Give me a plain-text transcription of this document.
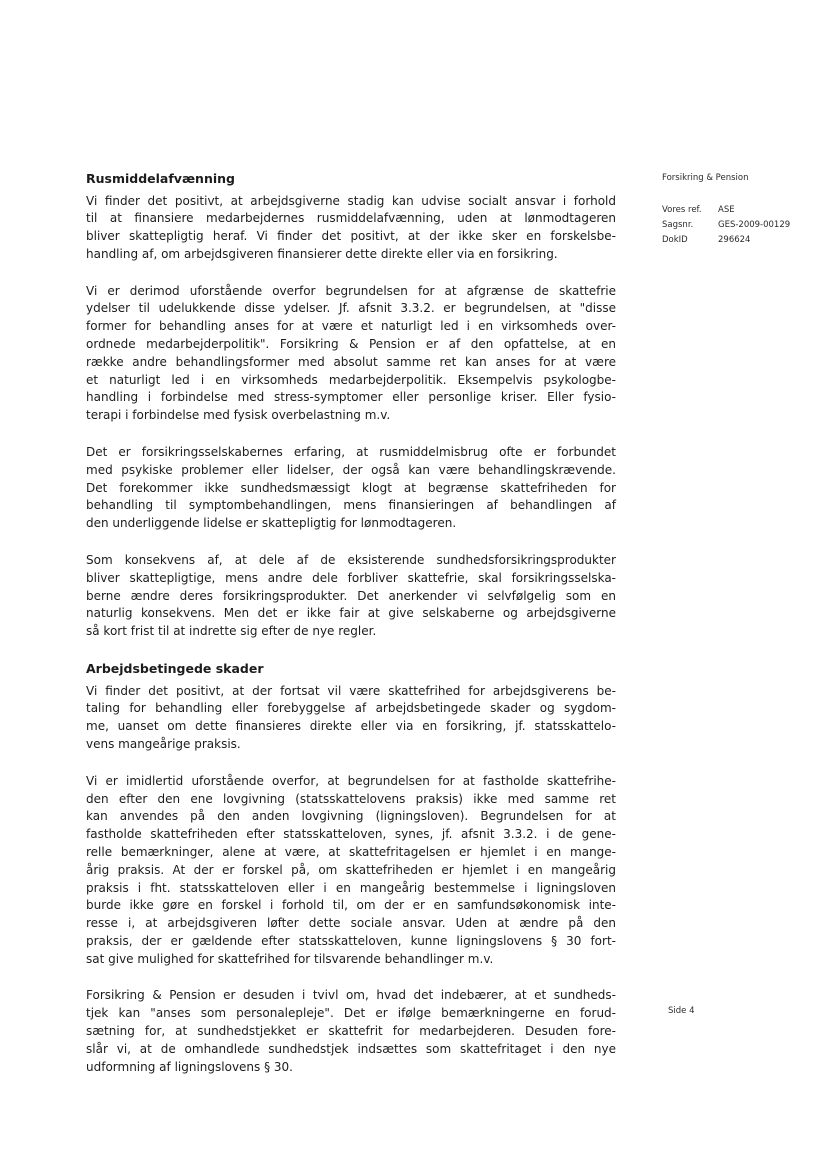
Forsikring & Pension
Vores ref.	ASE
Sagsnr.	GES-2009-00129
DokID	296624
Rusmiddelafvænning
Vi finder det positivt, at arbejdsgiverne stadig kan udvise socialt ansvar i forhold
til at finansiere medarbejdernes rusmiddelafvænning, uden at lønmodtageren
bliver skattepligtig heraf. Vi finder det positivt, at der ikke sker en forskelsbe-
handling af, om arbejdsgiveren finansierer dette direkte eller via en forsikring.
Vi er derimod uforstående overfor begrundelsen for at afgrænse de skattefrie
ydelser til udelukkende disse ydelser. Jf. afsnit 3.3.2. er begrundelsen, at "disse
former for behandling anses for at være et naturligt led i en virksomheds over-
ordnede medarbejderpolitik". Forsikring & Pension er af den opfattelse, at en
række andre behandlingsformer med absolut samme ret kan anses for at være
et naturligt led i en virksomheds medarbejderpolitik. Eksempelvis psykologbe-
handling i forbindelse med stress-symptomer eller personlige kriser. Eller fysio-
terapi i forbindelse med fysisk overbelastning m.v.
Det er forsikringsselskabernes erfaring, at rusmiddelmisbrug ofte er forbundet
med psykiske problemer eller lidelser, der også kan være behandlingskrævende.
Det forekommer ikke sundhedsmæssigt klogt at begrænse skattefriheden for
behandling til symptombehandlingen, mens finansieringen af behandlingen af
den underliggende lidelse er skattepligtig for lønmodtageren.
Som konsekvens af, at dele af de eksisterende sundhedsforsikringsprodukter
bliver skattepligtige, mens andre dele forbliver skattefrie, skal forsikringsselska-
berne ændre deres forsikringsprodukter. Det anerkender vi selvfølgelig som en
naturlig konsekvens. Men det er ikke fair at give selskaberne og arbejdsgiverne
så kort frist til at indrette sig efter de nye regler.
Arbejdsbetingede skader
Vi finder det positivt, at der fortsat vil være skattefrihed for arbejdsgiverens be-
taling for behandling eller forebyggelse af arbejdsbetingede skader og sygdom-
me, uanset om dette finansieres direkte eller via en forsikring, jf. statsskattelo-
vens mangeårige praksis.
Vi er imidlertid uforstående overfor, at begrundelsen for at fastholde skattefrihe-
den efter den ene lovgivning (statsskattelovens praksis) ikke med samme ret
kan anvendes på den anden lovgivning (ligningsloven). Begrundelsen for at
fastholde skattefriheden efter statsskatteloven, synes, jf. afsnit 3.3.2. i de gene-
relle bemærkninger, alene at være, at skattefritagelsen er hjemlet i en mange-
årig praksis. At der er forskel på, om skattefriheden er hjemlet i en mangeårig
praksis i fht. statsskatteloven eller i en mangeårig bestemmelse i ligningsloven
burde ikke gøre en forskel i forhold til, om der er en samfundsøkonomisk inte-
resse i, at arbejdsgiveren løfter dette sociale ansvar. Uden at ændre på den
praksis, der er gældende efter statsskatteloven, kunne ligningslovens § 30 fort-
sat give mulighed for skattefrihed for tilsvarende behandlinger m.v.
Forsikring & Pension er desuden i tvivl om, hvad det indebærer, at et sundheds-
tjek kan "anses som personalepleje". Det er ifølge bemærkningerne en forud-
sætning for, at sundhedstjekket er skattefrit for medarbejderen. Desuden fore-
slår vi, at de omhandlede sundhedstjek indsættes som skattefritaget i den nye
udformning af ligningslovens § 30.
Side 4
